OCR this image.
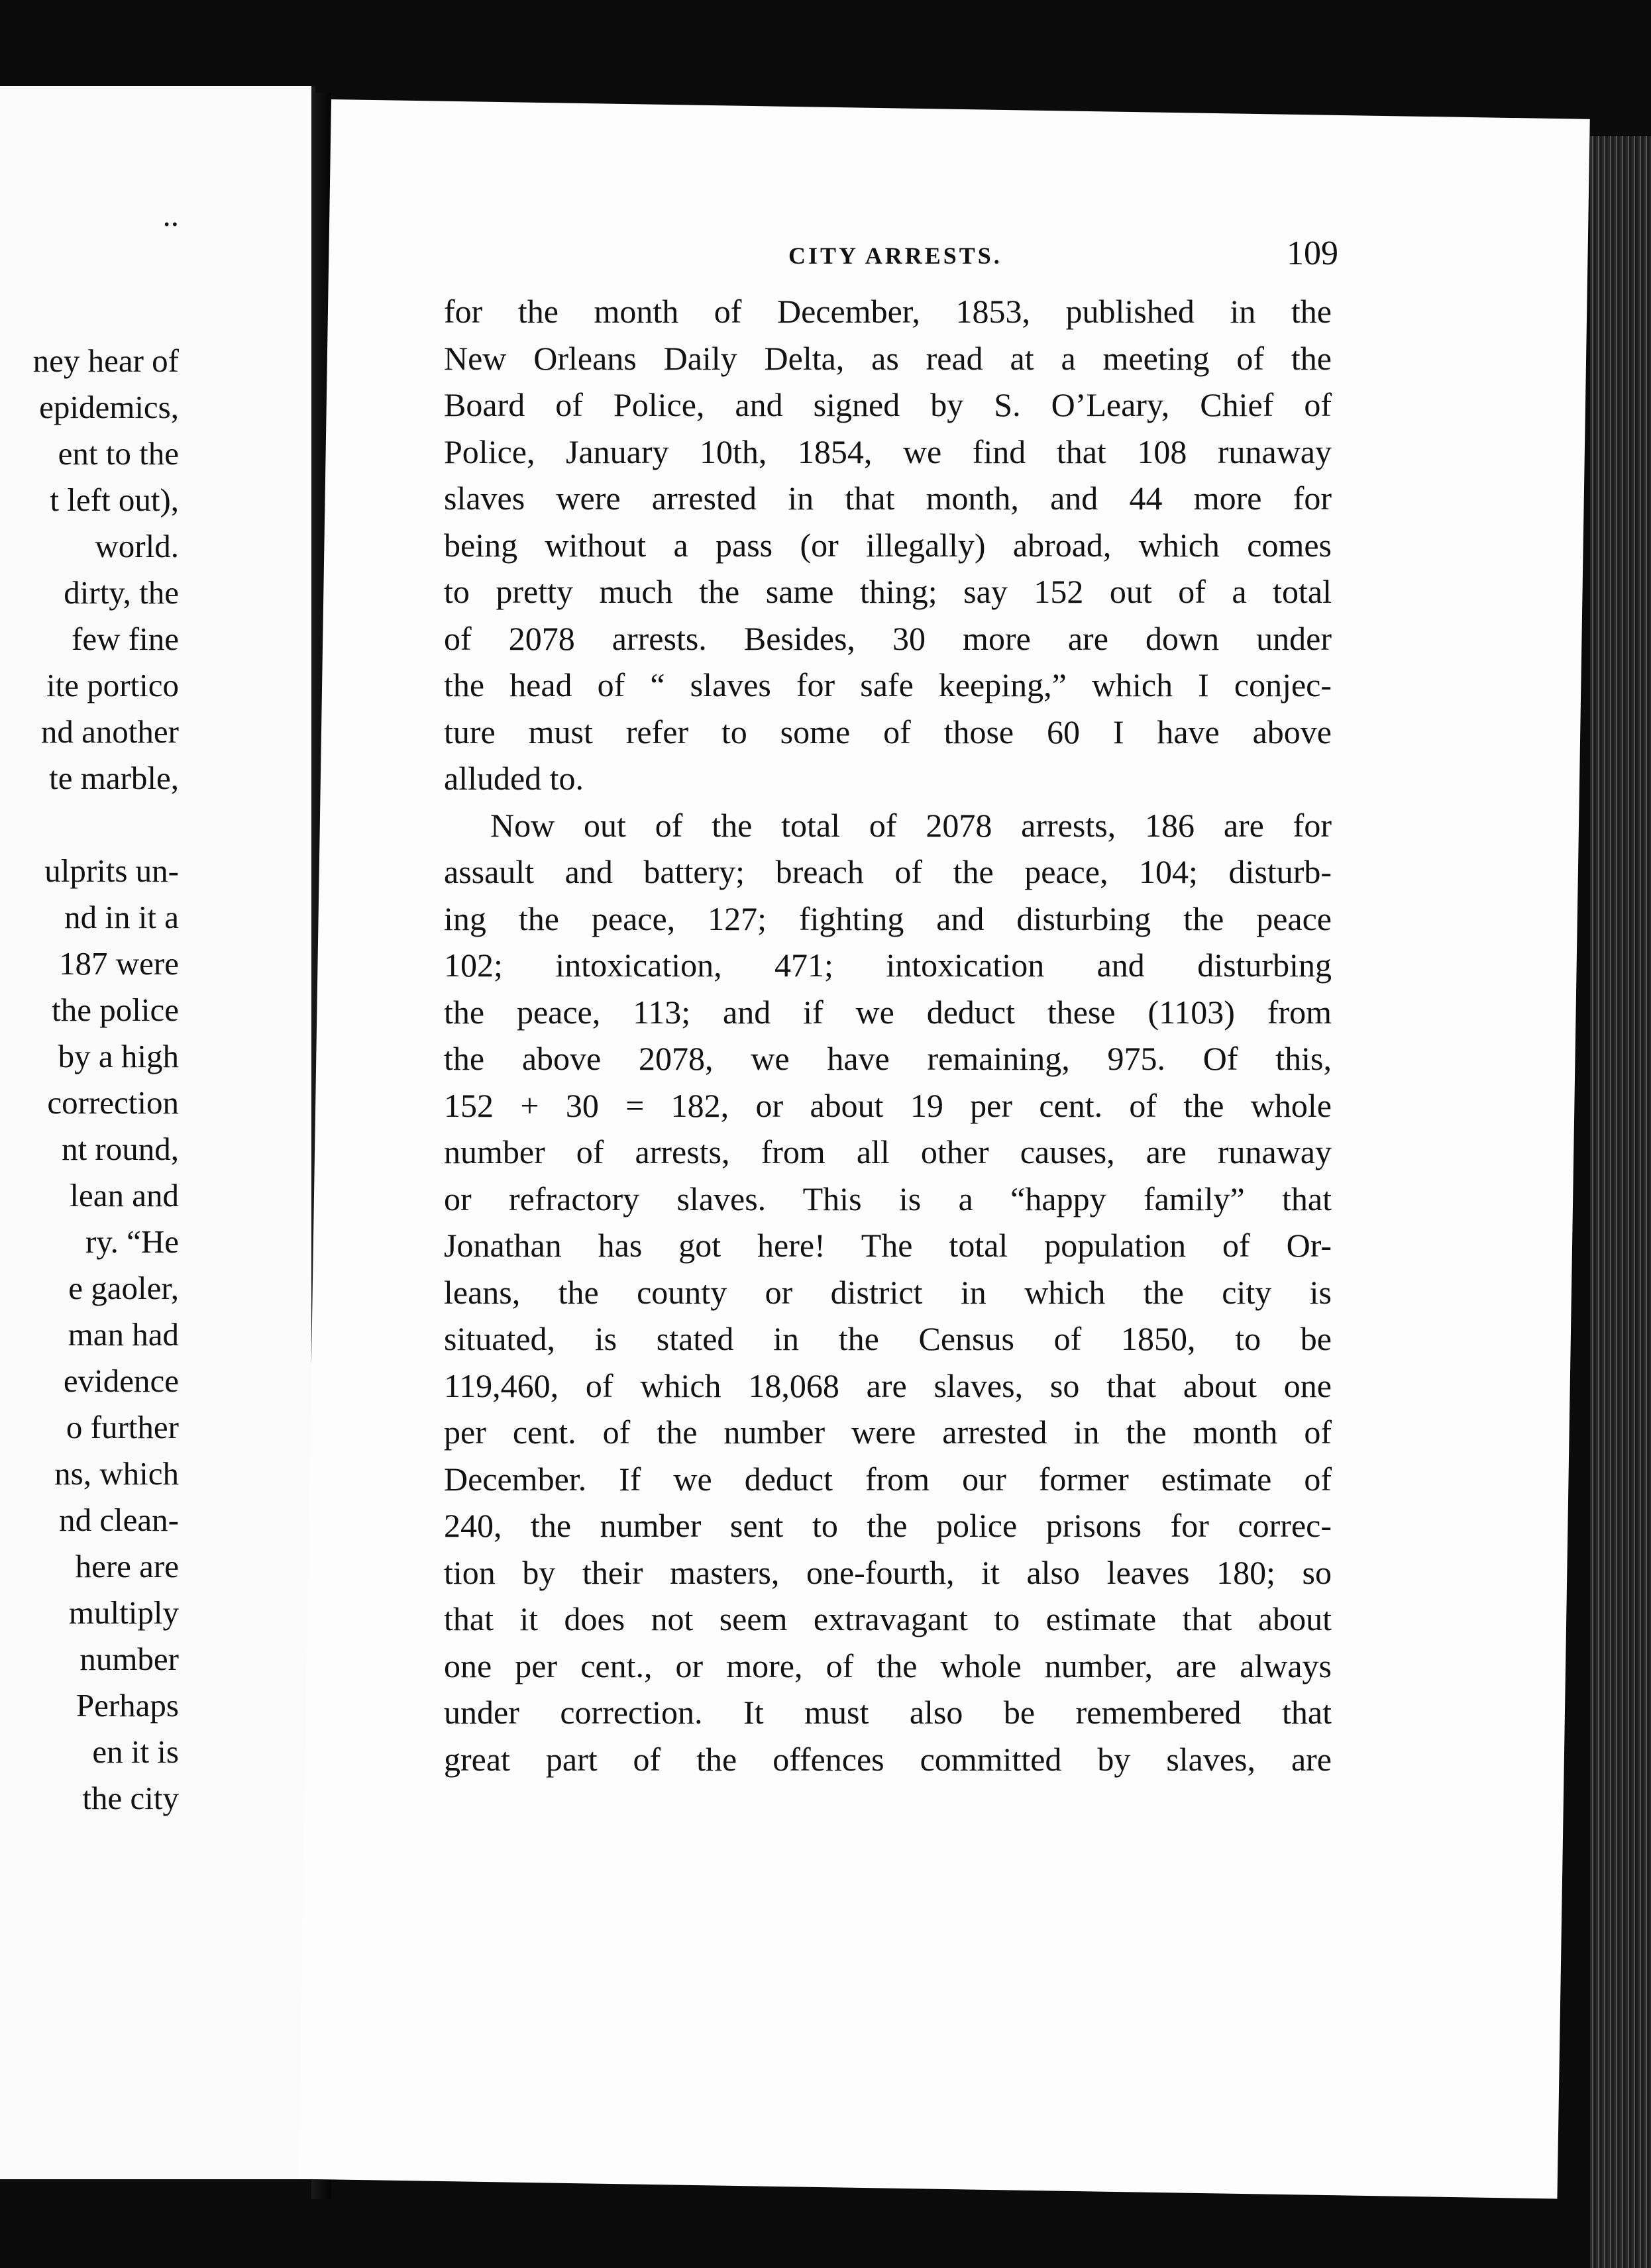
..
ney hear of
epidemics,
ent to the
t left out),
world.
dirty, the
few fine
ite portico
nd another
te marble,
ulprits un-
nd in it a
187 were
the police
by a high
correction
nt round,
lean and
ry. “He
e gaoler,
man had
evidence
o further
ns, which
nd clean-
here are
multiply
number
Perhaps
en it is
the city
CITY ARRESTS.	109
for the month of December, 1853, published in the
New Orleans Daily Delta, as read at a meeting of the
Board of Police, and signed by S. O’Leary, Chief of
Police, January 10th, 1854, we find that 108 runaway
slaves were arrested in that month, and 44 more for
being without a pass (or illegally) abroad, which comes
to pretty much the same thing; say 152 out of a total
of 2078 arrests. Besides, 30 more are down under
the head of “ slaves for safe keeping,” which I conjec-
ture must refer to some of those 60 I have above
alluded to.
Now out of the total of 2078 arrests, 186 are for
assault and battery; breach of the peace, 104; disturb-
ing the peace, 127; fighting and disturbing the peace
102; intoxication, 471; intoxication and disturbing
the peace, 113; and if we deduct these (1103) from
the above 2078, we have remaining, 975. Of this,
152 + 30 = 182, or about 19 per cent. of the whole
number of arrests, from all other causes, are runaway
or refractory slaves. This is a “happy family” that
Jonathan has got here! The total population of Or-
leans, the county or district in which the city is
situated, is stated in the Census of 1850, to be
119,460, of which 18,068 are slaves, so that about one
per cent. of the number were arrested in the month of
December. If we deduct from our former estimate of
240, the number sent to the police prisons for correc-
tion by their masters, one-fourth, it also leaves 180; so
that it does not seem extravagant to estimate that about
one per cent., or more, of the whole number, are always
under correction. It must also be remembered that
great part of the offences committed by slaves, are
